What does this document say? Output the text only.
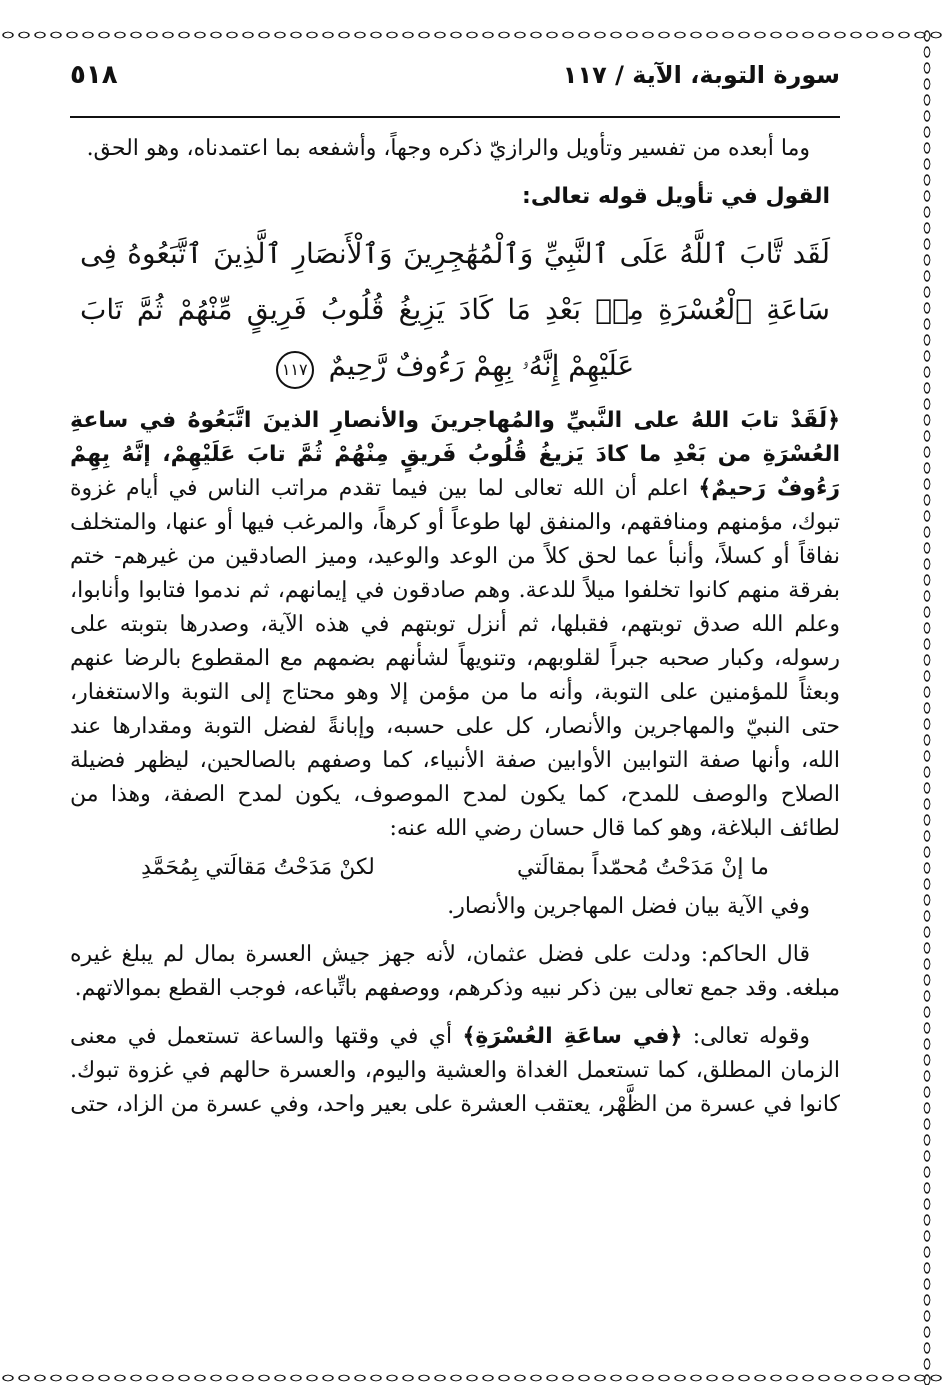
سورة التوبة، الآية / ١١٧
٥١٨

وما أبعده من تفسير وتأويل والرازيّ ذكره وجهاً، وأشفعه بما اعتمدناه، وهو الحق.

القول في تأويل قوله تعالى:

لَقَد تَّابَ ٱللَّهُ عَلَى ٱلنَّبِيِّ وَٱلْمُهَٰجِرِينَ وَٱلْأَنصَارِ ٱلَّذِينَ ٱتَّبَعُوهُ فِى
سَاعَةِ ٱلْعُسْرَةِ مِنۢ بَعْدِ مَا كَادَ يَزِيغُ قُلُوبُ فَرِيقٍ مِّنْهُمْ ثُمَّ تَابَ
عَلَيْهِمْ إِنَّهُۥ بِهِمْ رَءُوفٌ رَّحِيمٌ ١١٧

﴿لَقَدْ تابَ اللهُ على النَّبيِّ والمُهاجرينَ والأنصارِ الذينَ اتَّبَعُوهُ في ساعةِ العُسْرَةِ من بَعْدِ ما كادَ يَزيغُ قُلُوبُ فَريقٍ مِنْهُمْ ثُمَّ تابَ عَلَيْهِمْ، إنَّهُ بِهِمْ رَءُوفٌ رَحيمٌ﴾ اعلم أن الله تعالى لما بين فيما تقدم مراتب الناس في أيام غزوة تبوك، مؤمنهم ومنافقهم، والمنفق لها طوعاً أو كرهاً، والمرغب فيها أو عنها، والمتخلف نفاقاً أو كسلاً، وأنبأ عما لحق كلاً من الوعد والوعيد، وميز الصادقين من غيرهم- ختم بفرقة منهم كانوا تخلفوا ميلاً للدعة. وهم صادقون في إيمانهم، ثم ندموا فتابوا وأنابوا، وعلم الله صدق توبتهم، فقبلها، ثم أنزل توبتهم في هذه الآية، وصدرها بتوبته على رسوله، وكبار صحبه جبراً لقلوبهم، وتنويهاً لشأنهم بضمهم مع المقطوع بالرضا عنهم وبعثاً للمؤمنين على التوبة، وأنه ما من مؤمن إلا وهو محتاج إلى التوبة والاستغفار، حتى النبيّ والمهاجرين والأنصار، كل على حسبه، وإبانةً لفضل التوبة ومقدارها عند الله، وأنها صفة التوابين الأوابين صفة الأنبياء، كما وصفهم بالصالحين، ليظهر فضيلة الصلاح والوصف للمدح، كما يكون لمدح الموصوف، يكون لمدح الصفة، وهذا من لطائف البلاغة، وهو كما قال حسان رضي الله عنه:

ما إنْ مَدَحْتُ مُحمّداً بمقالَتي
لكنْ مَدَحْتُ مَقالَتي بِمُحَمَّدِ

وفي الآية بيان فضل المهاجرين والأنصار.

قال الحاكم: ودلت على فضل عثمان، لأنه جهز جيش العسرة بمال لم يبلغ غيره مبلغه. وقد جمع تعالى بين ذكر نبيه وذكرهم، ووصفهم باتِّباعه، فوجب القطع بموالاتهم.

وقوله تعالى: ﴿في ساعَةِ العُسْرَةِ﴾ أي في وقتها والساعة تستعمل في معنى الزمان المطلق، كما تستعمل الغداة والعشية واليوم، والعسرة حالهم في غزوة تبوك. كانوا في عسرة من الظَّهْر، يعتقب العشرة على بعير واحد، وفي عسرة من الزاد، حتى
